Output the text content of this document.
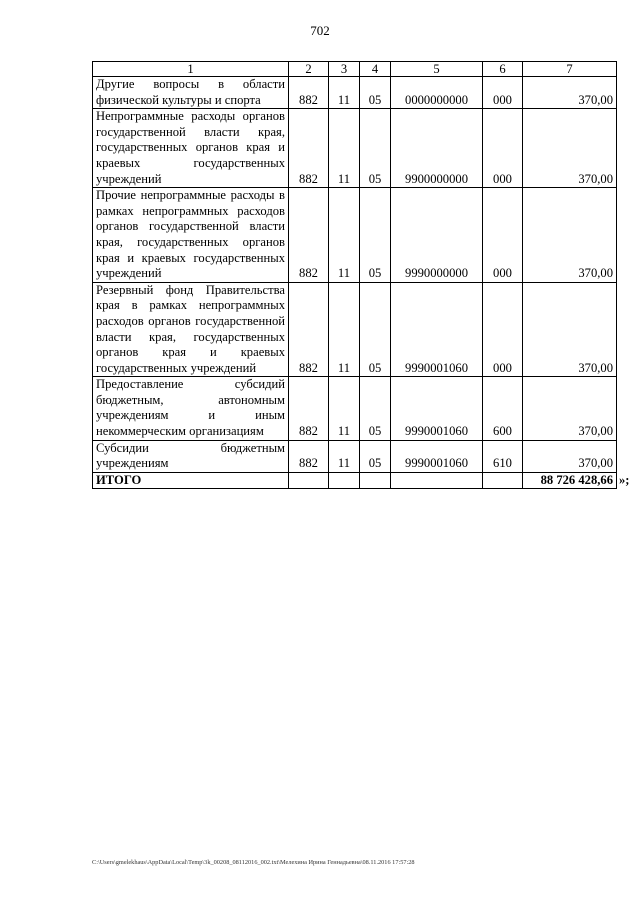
702
1	2	3	4	5	6	7
Другие вопросы в области физической культуры и спорта	882	11	05	0000000000	000	370,00
Непрограммные расходы органов государственной власти края, государственных органов края и краевых государственных учреждений	882	11	05	9900000000	000	370,00
Прочие непрограммные расходы в рамках непрограммных расходов органов государственной власти края, государственных органов края и краевых государственных учреждений	882	11	05	9990000000	000	370,00
Резервный фонд Правительства края в рамках непрограммных расходов органов государственной власти края, государственных органов края и краевых государственных учреждений	882	11	05	9990001060	000	370,00
Предоставление субсидий бюджетным, автономным учреждениям и иным некоммерческим организациям	882	11	05	9990001060	600	370,00
Субсидии бюджетным учреждениям	882	11	05	9990001060	610	370,00
ИТОГО						88 726 428,66 »;
C:\Users\gmelekhaus\AppData\Local\Temp\3k_00208_08112016_002.txt\Мелехина Ирина Геннадьевна\08.11.2016 17:57:28
